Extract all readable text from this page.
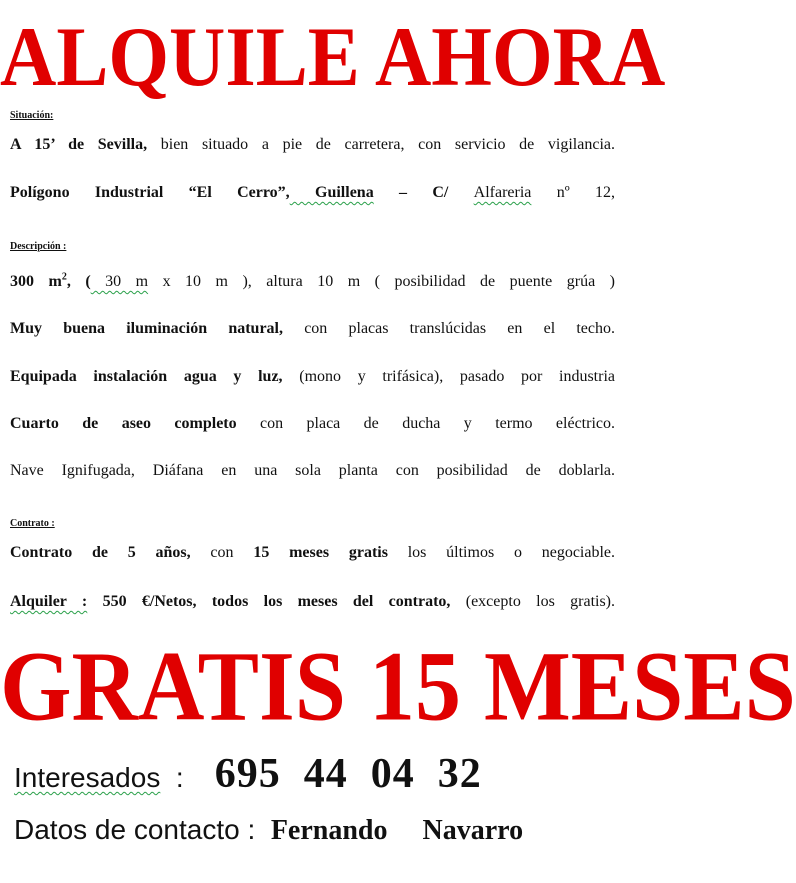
ALQUILE AHORA
Situación:
A 15’ de Sevilla, bien situado a pie de carretera, con servicio de vigilancia.
Polígono Industrial “El Cerro”, Guillena – C/ Alfareria nº 12,
Descripción :
300 $m^2$, ( 30 m x 10 m ), altura 10 m ( posibilidad de puente grúa )
Muy buena iluminación natural, con placas translúcidas en el techo.
Equipada instalación agua y luz, (mono y trifásica), pasado por industria
Cuarto de aseo completo con placa de ducha y termo eléctrico.
Nave Ignifugada, Diáfana en una sola planta con posibilidad de doblarla.
Contrato :
Contrato de 5 años, con 15 meses gratis los últimos o negociable.
Alquiler : 550 €/Netos, todos los meses del contrato, (excepto los gratis).
GRATIS 15 MESES
Interesados  :    695  44  04  32
Datos de contacto :  Fernando Navarro
